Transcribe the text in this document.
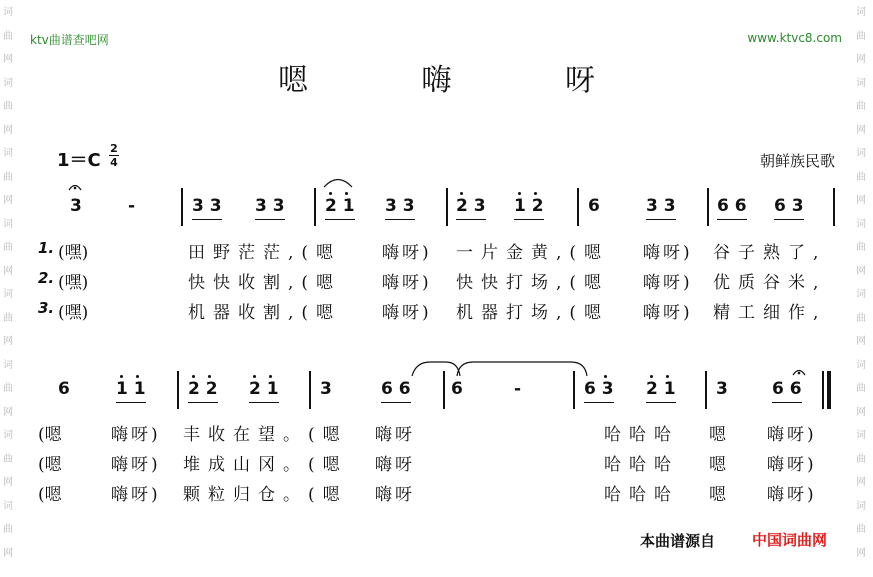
词
曲
网
词
曲
网
词
曲
网
词
曲
网
词
曲
网
词
曲
网
词
曲
网
词
曲
网
词
曲
网
词
曲
网
词
曲
网
词
曲
网
词
曲
网
词
曲
网
词
曲
网
词
曲
网
ktv曲谱查吧网	www.ktvc8.com
嗯 嗨 呀
1＝C
2
4	朝鲜族民歌
3	-	3 3 3 3 2 1 3 3 2 3 1 2	6	3 3 6 6 6 3
1. (嘿)	田野茫茫,(嗯 嗨呀) 一片金黄,(嗯 嗨呀) 谷子熟了,
2. (嘿)	快快收割,(嗯 嗨呀) 快快打场,(嗯 嗨呀) 优质谷米,
3. (嘿)	机器收割,(嗯 嗨呀) 机器打场,(嗯 嗨呀) 精工细作,
6	1 1 2 2 2 1 3	6 6 6	-	6 3 2 1 3	6 6
(嗯	嗨呀) 丰收在望。(嗯 嗨呀	哈哈哈 嗯 嗨呀)
(嗯	嗨呀) 堆成山冈。(嗯 嗨呀	哈哈哈 嗯 嗨呀)
(嗯	嗨呀) 颗粒归仓。(嗯 嗨呀	哈哈哈 嗯 嗨呀)
本曲谱源自 中国词曲网
